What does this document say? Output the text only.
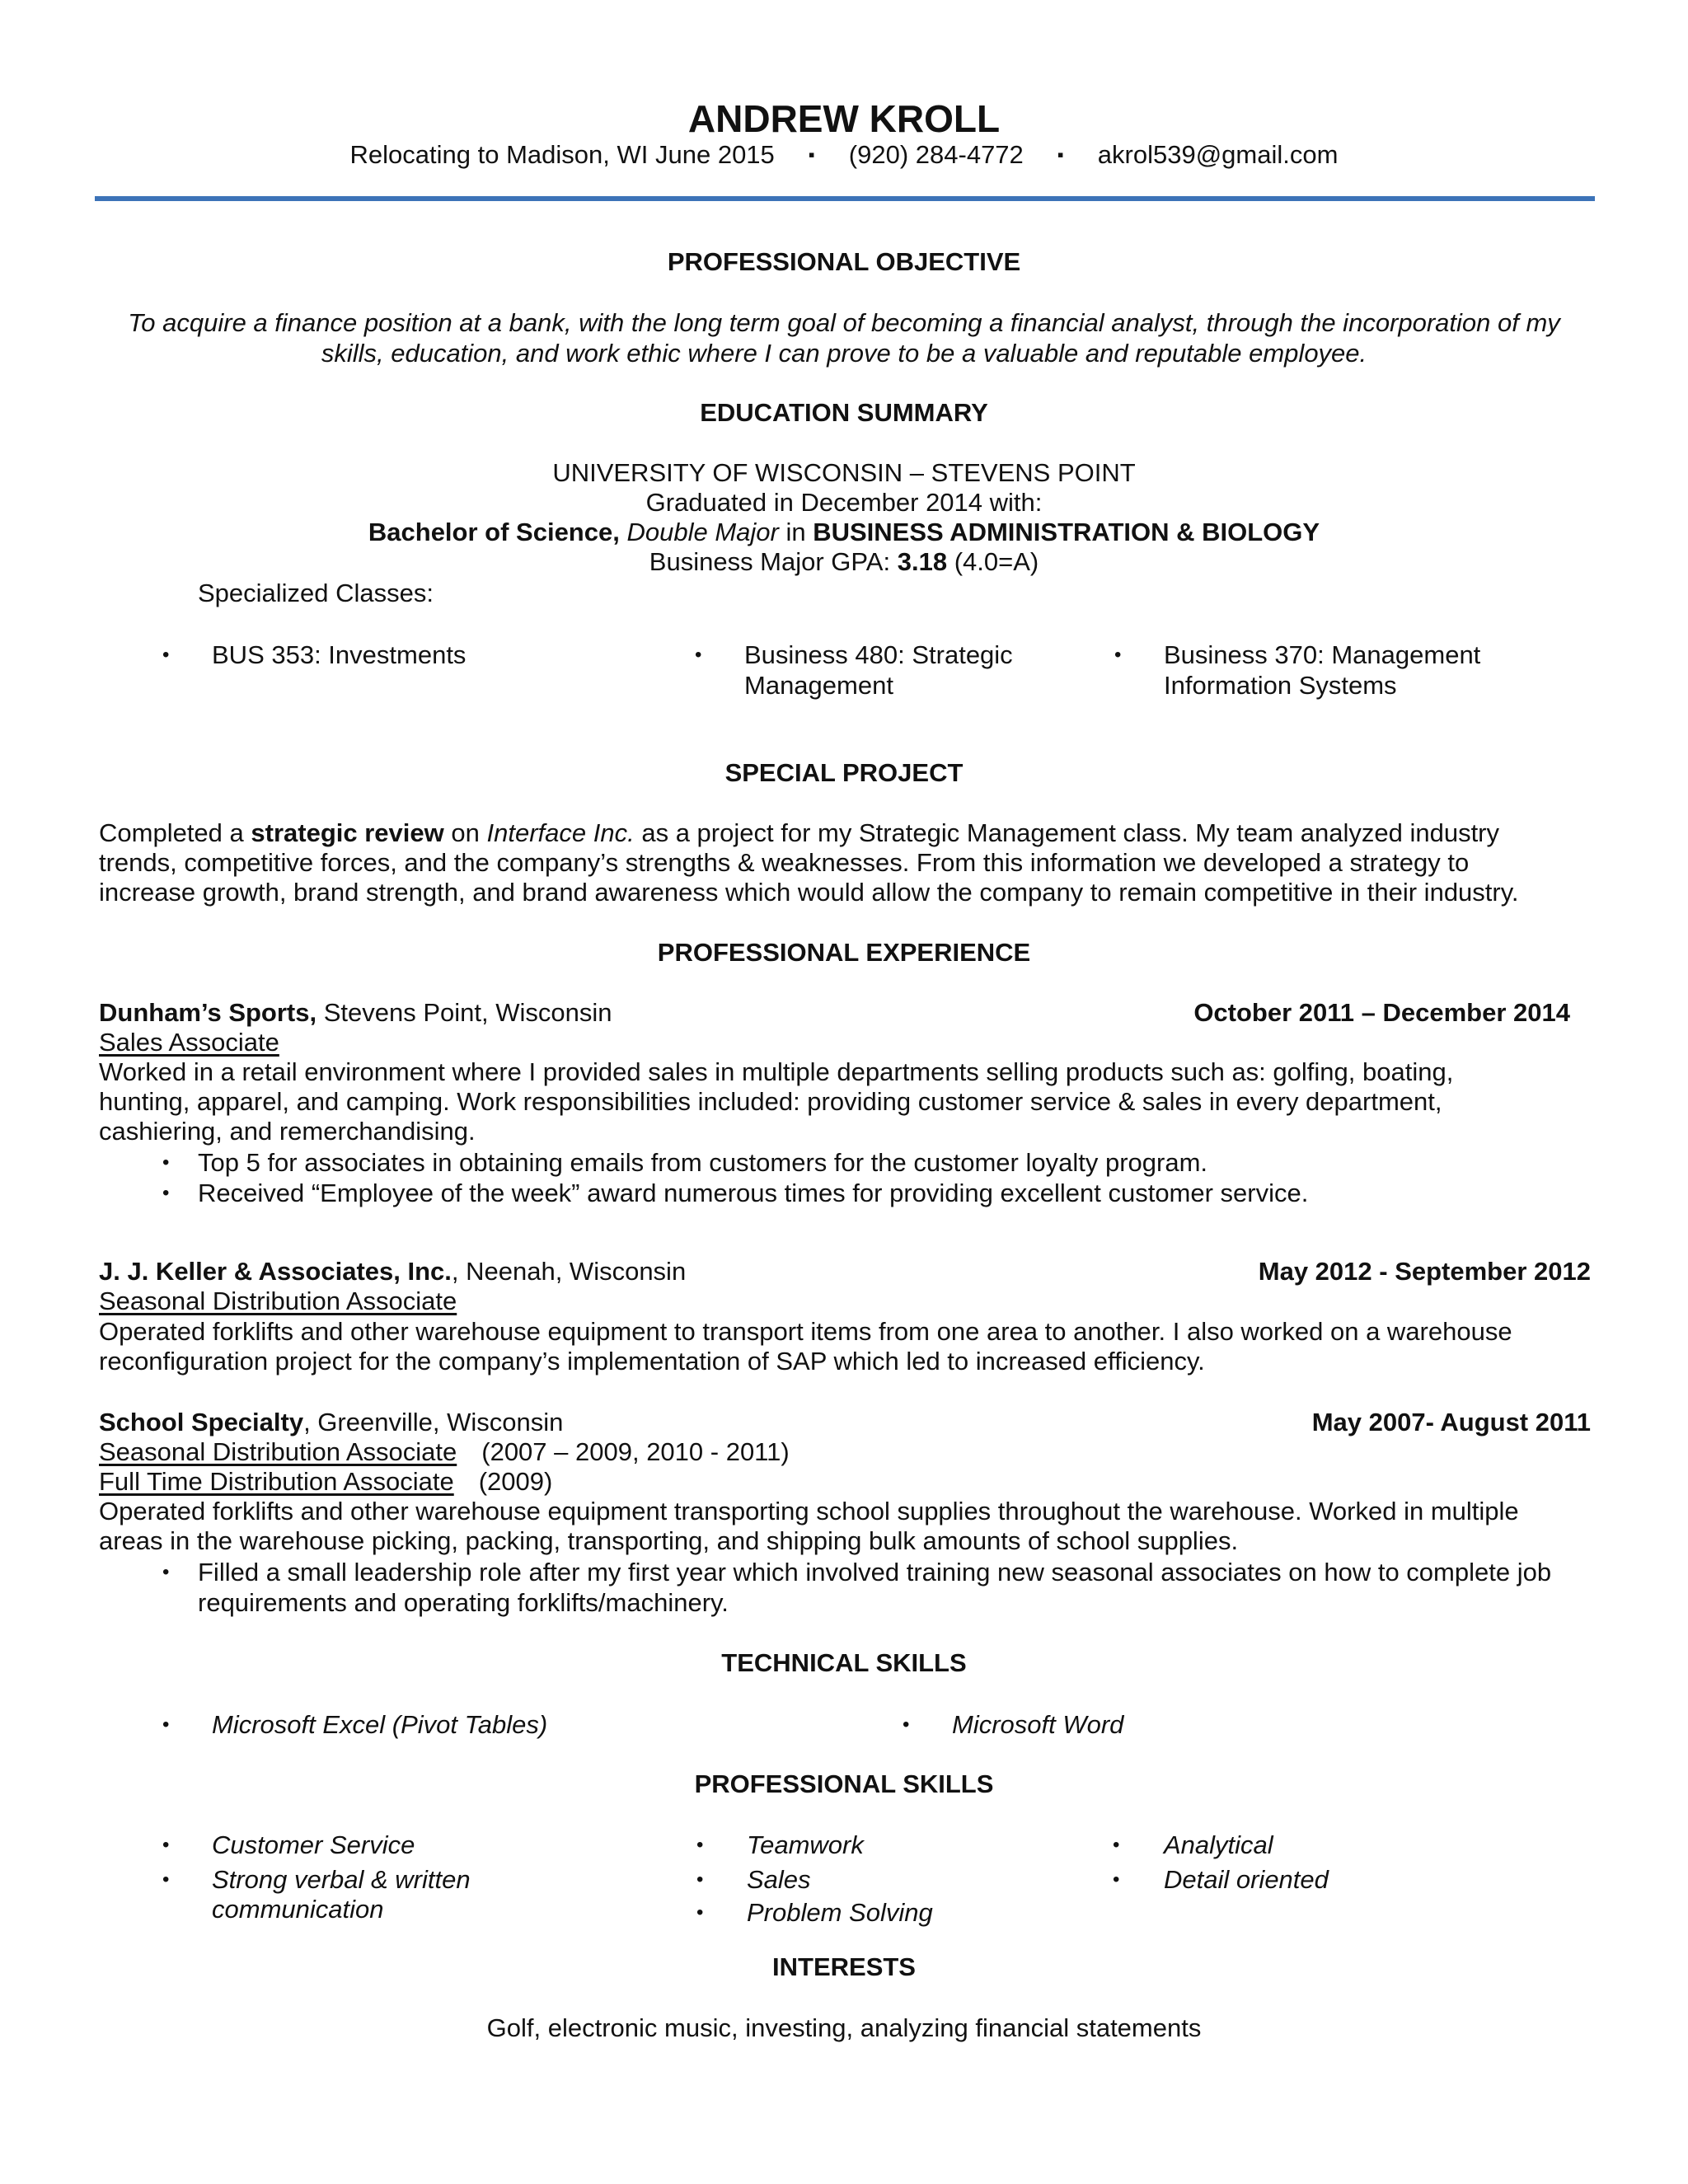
ANDREW KROLL
Relocating to Madison, WI June 2015 ▪ (920) 284-4772 ▪ akrol539@gmail.com
PROFESSIONAL OBJECTIVE
To acquire a finance position at a bank, with the long term goal of becoming a financial analyst, through the incorporation of my
skills, education, and work ethic where I can prove to be a valuable and reputable employee.
EDUCATION SUMMARY
UNIVERSITY OF WISCONSIN – STEVENS POINT
Graduated in December 2014 with:
Bachelor of Science, Double Major in BUSINESS ADMINISTRATION & BIOLOGY
Business Major GPA: 3.18 (4.0=A)
Specialized Classes:
• BUS 353: Investments	• Business 480: Strategic
Management
• Business 370: Management
Information Systems
SPECIAL PROJECT
Completed a strategic review on Interface Inc. as a project for my Strategic Management class. My team analyzed industry
trends, competitive forces, and the company’s strengths & weaknesses. From this information we developed a strategy to
increase growth, brand strength, and brand awareness which would allow the company to remain competitive in their industry.
PROFESSIONAL EXPERIENCE
Dunham’s Sports, Stevens Point, Wisconsin	October 2011 – December 2014
Sales Associate
Worked in a retail environment where I provided sales in multiple departments selling products such as: golfing, boating,
hunting, apparel, and camping. Work responsibilities included: providing customer service & sales in every department,
cashiering, and remerchandising.
• Top 5 for associates in obtaining emails from customers for the customer loyalty program.
• Received “Employee of the week” award numerous times for providing excellent customer service.
J. J. Keller & Associates, Inc., Neenah, Wisconsin	May 2012 - September 2012
Seasonal Distribution Associate
Operated forklifts and other warehouse equipment to transport items from one area to another. I also worked on a warehouse
reconfiguration project for the company’s implementation of SAP which led to increased efficiency.
School Specialty, Greenville, Wisconsin	May 2007- August 2011
Seasonal Distribution Associate (2007 – 2009, 2010 - 2011)
Full Time Distribution Associate (2009)
Operated forklifts and other warehouse equipment transporting school supplies throughout the warehouse. Worked in multiple
areas in the warehouse picking, packing, transporting, and shipping bulk amounts of school supplies.
• Filled a small leadership role after my first year which involved training new seasonal associates on how to complete job
requirements and operating forklifts/machinery.
TECHNICAL SKILLS
• Microsoft Excel (Pivot Tables)	• Microsoft Word
PROFESSIONAL SKILLS
• Customer Service
• Strong verbal & written
communication
• Teamwork
• Sales
• Problem Solving
• Analytical
• Detail oriented
INTERESTS
Golf, electronic music, investing, analyzing financial statements
